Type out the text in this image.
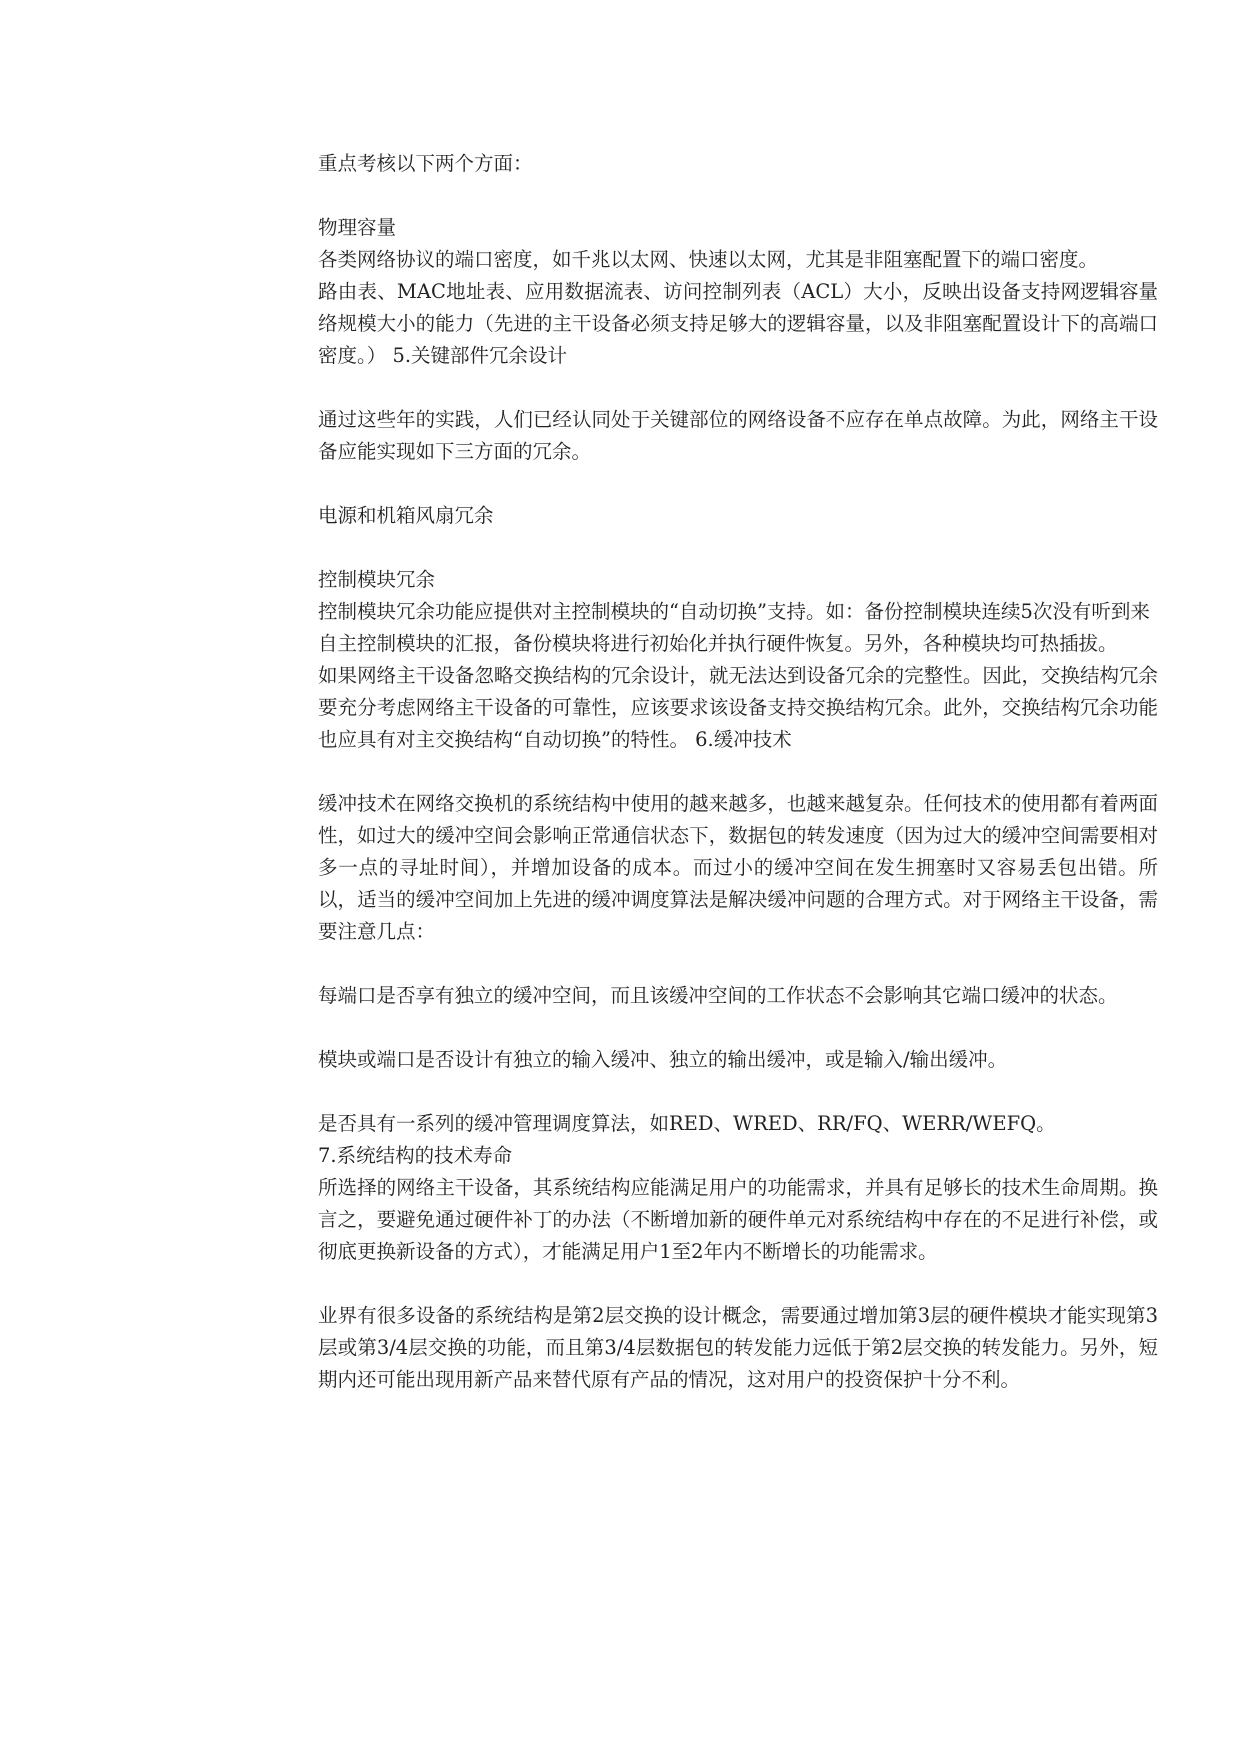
重点考核以下两个方面：

物理容量

各类网络协议的端口密度，如千兆以太网、快速以太网，尤其是非阻塞配置下的端口密度。
逻辑容量

路由表、MAC地址表、应用数据流表、访问控制列表（ACL）大小，反映出设备支持网络规模大小的能力（先进的主干设备必须支持足够大的逻辑容量，以及非阻塞配置设计下的高端口密度。） 5.关键部件冗余设计

通过这些年的实践，人们已经认同处于关键部位的网络设备不应存在单点故障。为此，网络主干设备应能实现如下三方面的冗余。

电源和机箱风扇冗余

控制模块冗余

控制模块冗余功能应提供对主控制模块的“自动切换”支持。如：备份控制模块连续5次没有听到来自主控制模块的汇报，备份模块将进行初始化并执行硬件恢复。另外，各种模块均可热插拔。
交换结构冗余

如果网络主干设备忽略交换结构的冗余设计，就无法达到设备冗余的完整性。因此，要充分考虑网络主干设备的可靠性，应该要求该设备支持交换结构冗余。此外，交换结构冗余功能也应具有对主交换结构“自动切换”的特性。 6.缓冲技术

缓冲技术在网络交换机的系统结构中使用的越来越多，也越来越复杂。任何技术的使用都有着两面性，如过大的缓冲空间会影响正常通信状态下，数据包的转发速度（因为过大的缓冲空间需要相对多一点的寻址时间），并增加设备的成本。而过小的缓冲空间在发生拥塞时又容易丢包出错。所以，适当的缓冲空间加上先进的缓冲调度算法是解决缓冲问题的合理方式。对于网络主干设备，需要注意几点：

每端口是否享有独立的缓冲空间，而且该缓冲空间的工作状态不会影响其它端口缓冲的状态。

模块或端口是否设计有独立的输入缓冲、独立的输出缓冲，或是输入/输出缓冲。

是否具有一系列的缓冲管理调度算法，如RED、WRED、RR/FQ、WERR/WEFQ。

7.系统结构的技术寿命

所选择的网络主干设备，其系统结构应能满足用户的功能需求，并具有足够长的技术生命周期。换言之，要避免通过硬件补丁的办法（不断增加新的硬件单元对系统结构中存在的不足进行补偿，或彻底更换新设备的方式），才能满足用户1至2年内不断增长的功能需求。

业界有很多设备的系统结构是第2层交换的设计概念，需要通过增加第3层的硬件模块才能实现第3层或第3/4层交换的功能，而且第3/4层数据包的转发能力远低于第2层交换的转发能力。另外，短期内还可能出现用新产品来替代原有产品的情况，这对用户的投资保护十分不利。
